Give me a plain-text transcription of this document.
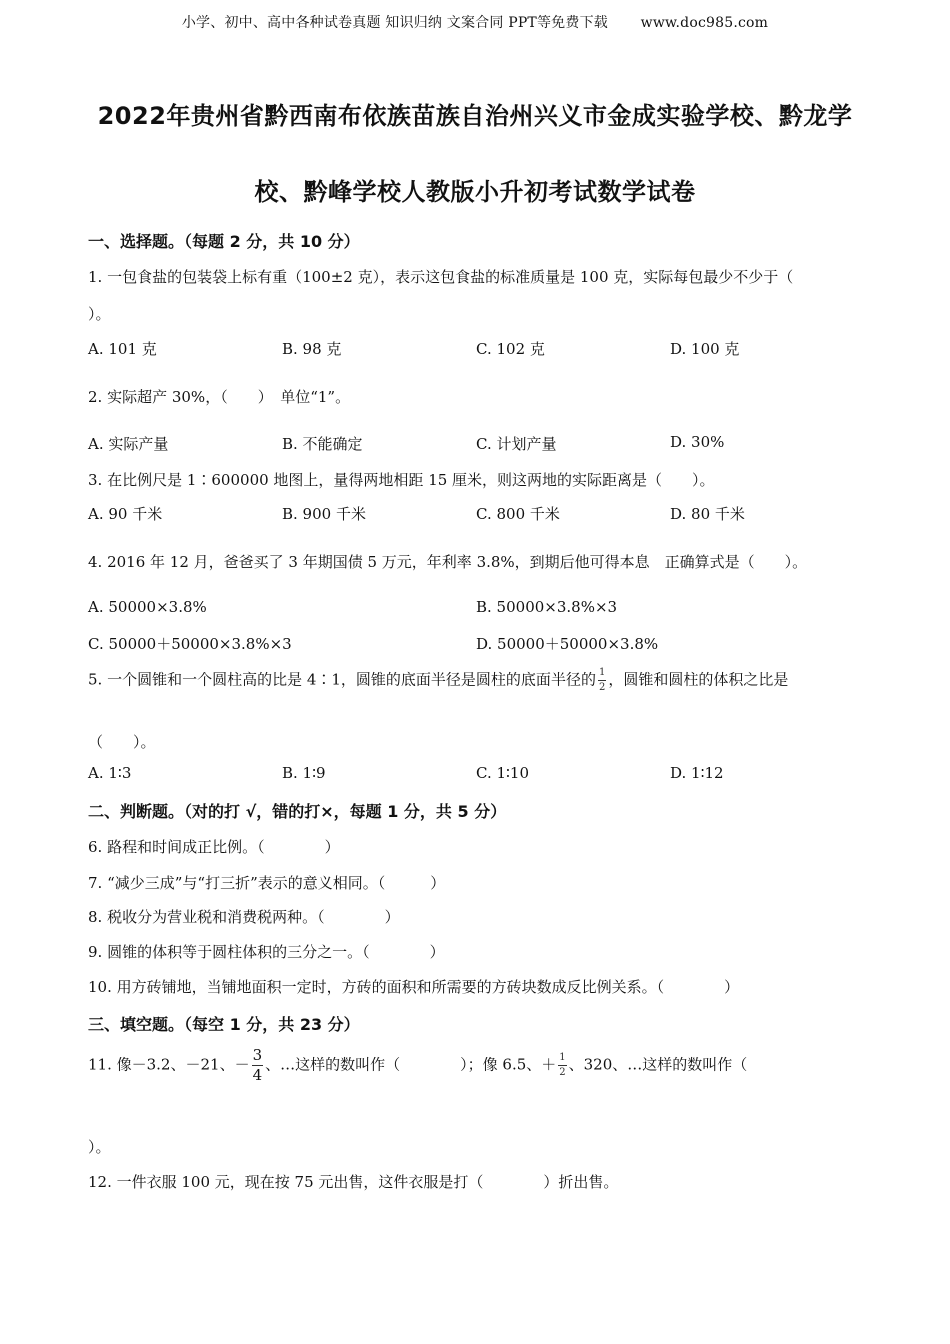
小学、初中、高中各种试卷真题 知识归纳 文案合同 PPT等免费下载 www.doc985.com
2022年贵州省黔西南布依族苗族自治州兴义市金成实验学校、黔龙学
校、黔峰学校人教版小升初考试数学试卷
一、选择题。（每题 2 分，共 10 分）
1. 一包食盐的包装袋上标有重（100±2 克），表示这包食盐的标准质量是 100 克，实际每包最少不少于（
）。
A. 101 克	B. 98 克	C. 102 克	D. 100 克
2. 实际超产 30%，（　　）　单位“1”。
A. 实际产量	B. 不能确定	C. 计划产量	D. 30%
3. 在比例尺是 1∶600000 地图上，量得两地相距 15 厘米，则这两地的实际距离是（　　）。
A. 90 千米	B. 900 千米	C. 800 千米	D. 80 千米
4. 2016 年 12 月，爸爸买了 3 年期国债 5 万元，年利率 3.8%，到期后他可得本息　正确算式是（　　）。
A. 50000×3.8%	B. 50000×3.8%×3
C. 50000＋50000×3.8%×3	D. 50000＋50000×3.8%
5. 一个圆锥和一个圆柱高的比是 4∶1，圆锥的底面半径是圆柱的底面半径的 $\frac{1}{2}$ ，圆锥和圆柱的体积之比是
（　　）。
A. 1∶3	B. 1∶9	C. 1∶10	D. 1∶12
二、判断题。（对的打 √，错的打×，每题 1 分，共 5 分）
6. 路程和时间成正比例。（　　　　）
7. “减少三成”与“打三折”表示的意义相同。（　　　）
8. 税收分为营业税和消费税两种。（　　　　）
9. 圆锥的体积等于圆柱体积的三分之一。（　　　　）
10. 用方砖铺地，当铺地面积一定时，方砖的面积和所需要的方砖块数成反比例关系。（　　　　）
三、填空题。（每空 1 分，共 23 分）
11. 像－3.2、－21、－ $\frac{3}{4}$ 、…这样的数叫作（　　　　）；像 6.5、＋ $\frac{1}{2}$ 、320、…这样的数叫作（
）。
12. 一件衣服 100 元，现在按 75 元出售，这件衣服是打（　　　　）折出售。
